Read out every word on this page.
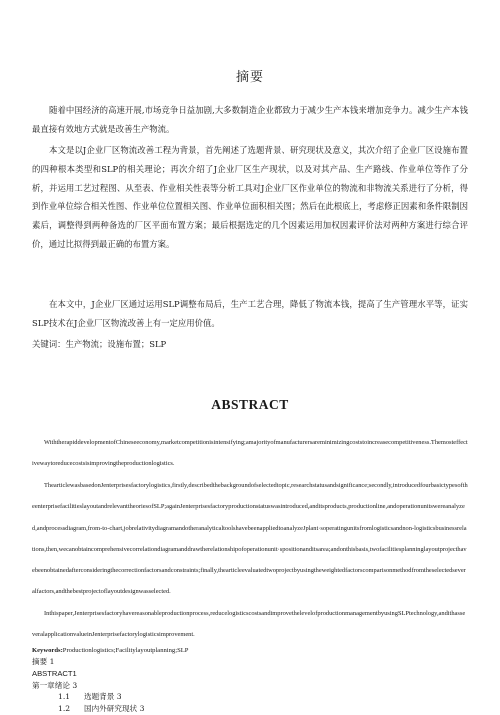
摘要

随着中国经济的高速开展,市场竞争日益加剧,大多数制造企业都致力于减少生产本钱来增加竞争力。减少生产本钱最直接有效地方式就是改善生产物流。

本文是以J企业厂区物流改善工程为背景，首先阐述了选题背景、研究现状及意义，其次介绍了企业厂区设施布置的四种根本类型和SLP的相关理论；再次介绍了J企业厂区生产现状，以及对其产品、生产路线、作业单位等作了分析，并运用工艺过程图、从至表、作业相关性表等分析工具对J企业厂区作业单位的物流和非物流关系进行了分析，得到作业单位综合相关性图、作业单位位置相关图、作业单位面积相关图；然后在此根底上，考虑修正因素和条件限制因素后，调整得到两种备选的厂区平面布置方案；最后根据选定的几个因素运用加权因素评价法对两种方案进行综合评价，通过比拟得到最正确的布置方案。

在本文中，J企业厂区通过运用SLP调整布局后，生产工艺合理，降低了物流本钱，提高了生产管理水平等，证实SLP技术在J企业厂区物流改善上有一定应用价值。

关键词：生产物流；设施布置；SLP
ABSTRACT

WiththerapiddevelopmentofChineseeconomy,marketcompetitionisintensifying;amajorityofmanufacturersareminimizingcoststoincreasecompetitiveness.Themosteffectivewaytoreducecostsisimprovingtheproductionlogistics.

ThearticlewasbasedonJenterprisesfactorylogistics,firstly,describedthebackgroundofselectedtopic,researchstatusandsignificance;secondly,introducedfourbasictypesoftheenterprisefacilitieslayoutandrelevanttheoriesofSLP;againJenterprisesfactoryproductionstatuswasintroduced,anditsproducts,productionline,andoperationunitswereanalyzed,andprocessdiagram,from-to-chart,jobrelativitydiagramandotheranalyticaltoolshavebeenappliedtoanalyzeJplant·soperatingunitsfromlogisticsandnon-logisticsbusinessrelations,then,wecanobtaincomprehensivecorrelationdiagramanddrawtherelationshipofoperationunit·spositionanditsarea;andonthisbasis,twofacilitiesplanninglayoutprojecthavebeenobtainedafterconsideringthecorrectionfactorsandconstraints;finally,thearticleevaluatedtwoprojectbyusingtheweightedfactorscomparisonmethodfromtheselectedseveralfactors,andthebestprojectoflayoutdesignwasselected.

Inthispaper,Jenterprisesfactoryhavereasonableproductionprocess,reducelogisticscostsandimprovethelevelofproductionmanagementbyusingSLPtechnology,andithasseveralapplicationvalueinJenterprisefactorylogisticsimprovement.

Keywords:Productionlogistics;Facilitylayoutplanning;SLP
摘要 1
ABSTRACT1
第一章绪论 3
1.1 选题背景 3
1.2 国内外研究现状 3
